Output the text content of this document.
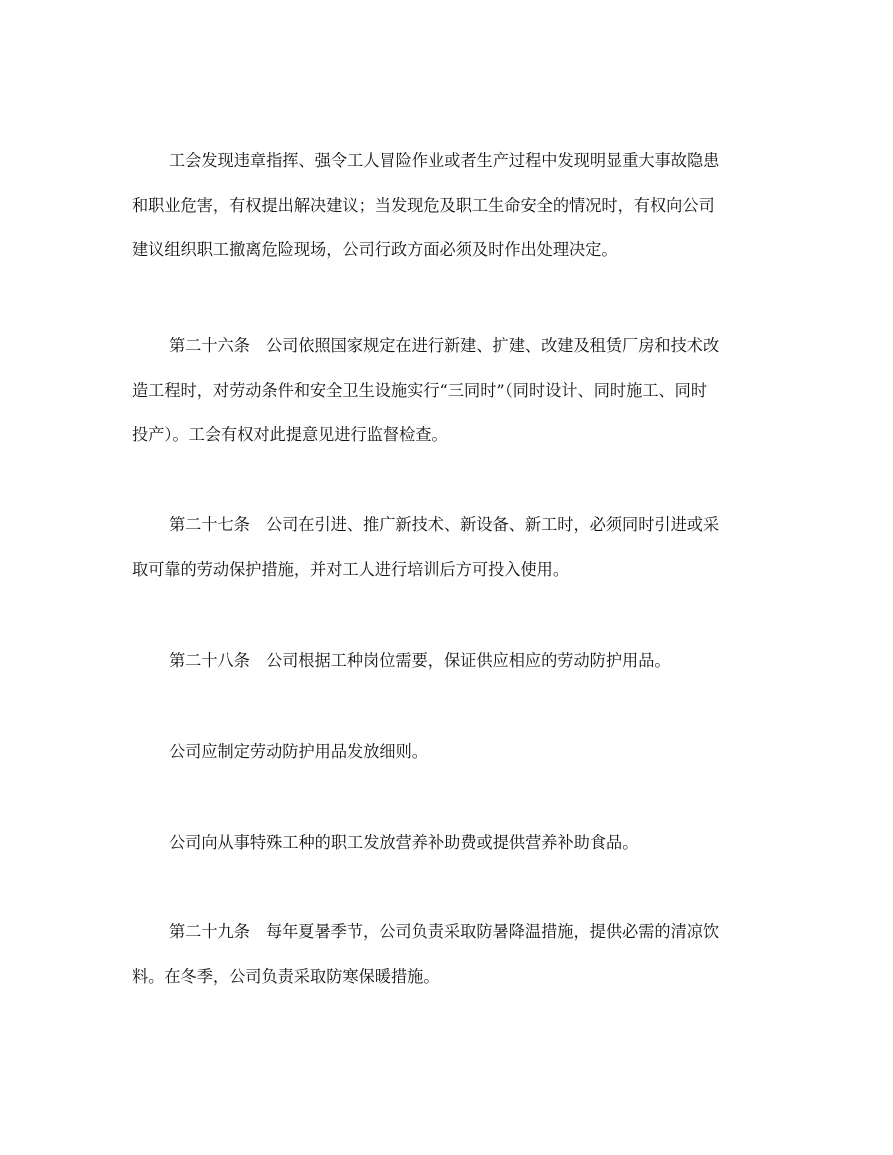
工会发现违章指挥、强令工人冒险作业或者生产过程中发现明显重大事故隐患
和职业危害，有权提出解决建议；当发现危及职工生命安全的情况时，有权向公司
建议组织职工撤离危险现场，公司行政方面必须及时作出处理决定。
第二十六条 公司依照国家规定在进行新建、扩建、改建及租赁厂房和技术改
造工程时，对劳动条件和安全卫生设施实行“三同时”（同时设计、同时施工、同时
投产）。工会有权对此提意见进行监督检查。
第二十七条 公司在引进、推广新技术、新设备、新工时，必须同时引进或采
取可靠的劳动保护措施，并对工人进行培训后方可投入使用。
第二十八条 公司根据工种岗位需要，保证供应相应的劳动防护用品。
公司应制定劳动防护用品发放细则。
公司向从事特殊工种的职工发放营养补助费或提供营养补助食品。
第二十九条 每年夏暑季节，公司负责采取防暑降温措施，提供必需的清凉饮
料。在冬季，公司负责采取防寒保暖措施。
